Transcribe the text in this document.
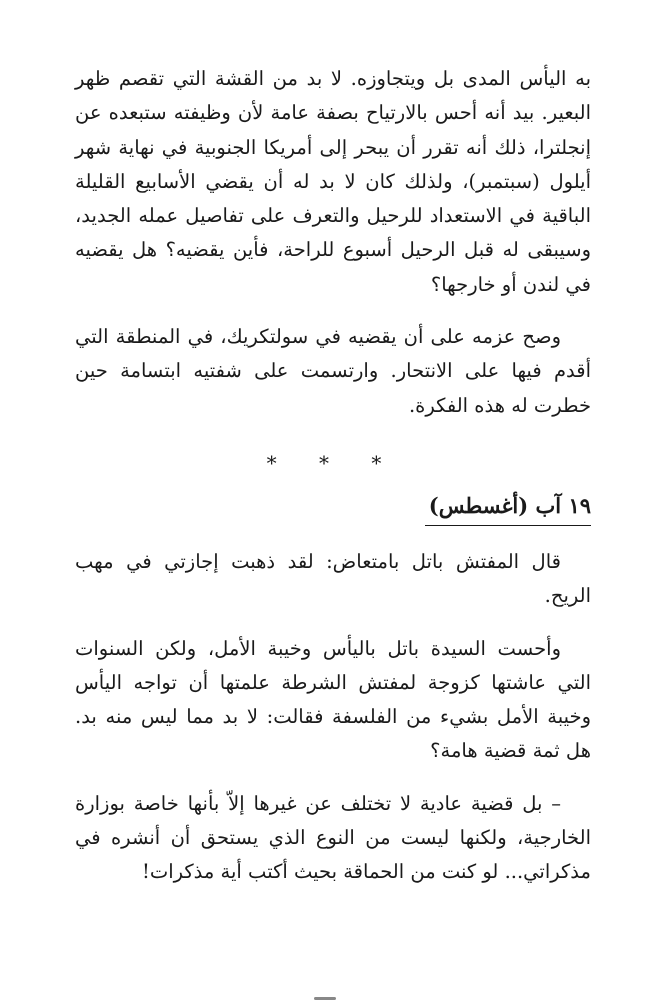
به اليأس المدى بل ويتجاوزه. لا بد من القشة التي تقصم ظهر البعير. بيد أنه أحس بالارتياح بصفة عامة لأن وظيفته ستبعده عن إنجلترا، ذلك أنه تقرر أن يبحر إلى أمريكا الجنوبية في نهاية شهر أيلول (سبتمبر)، ولذلك كان لا بد له أن يقضي الأسابيع القليلة الباقية في الاستعداد للرحيل والتعرف على تفاصيل عمله الجديد، وسيبقى له قبل الرحيل أسبوع للراحة، فأين يقضيه؟ هل يقضيه في لندن أو خارجها؟

وصح عزمه على أن يقضيه في سولتكريك، في المنطقة التي أقدم فيها على الانتحار. وارتسمت على شفتيه ابتسامة حين خطرت له هذه الفكرة.

* * *
١٩ آب (أغسطس)

قال المفتش باتل بامتعاض: لقد ذهبت إجازتي في مهب الريح.

وأحست السيدة باتل باليأس وخيبة الأمل، ولكن السنوات التي عاشتها كزوجة لمفتش الشرطة علمتها أن تواجه اليأس وخيبة الأمل بشيء من الفلسفة فقالت: لا بد مما ليس منه بد. هل ثمة قضية هامة؟

– بل قضية عادية لا تختلف عن غيرها إلاّ بأنها خاصة بوزارة الخارجية، ولكنها ليست من النوع الذي يستحق أن أنشره في مذكراتي... لو كنت من الحماقة بحيث أكتب أية مذكرات!
